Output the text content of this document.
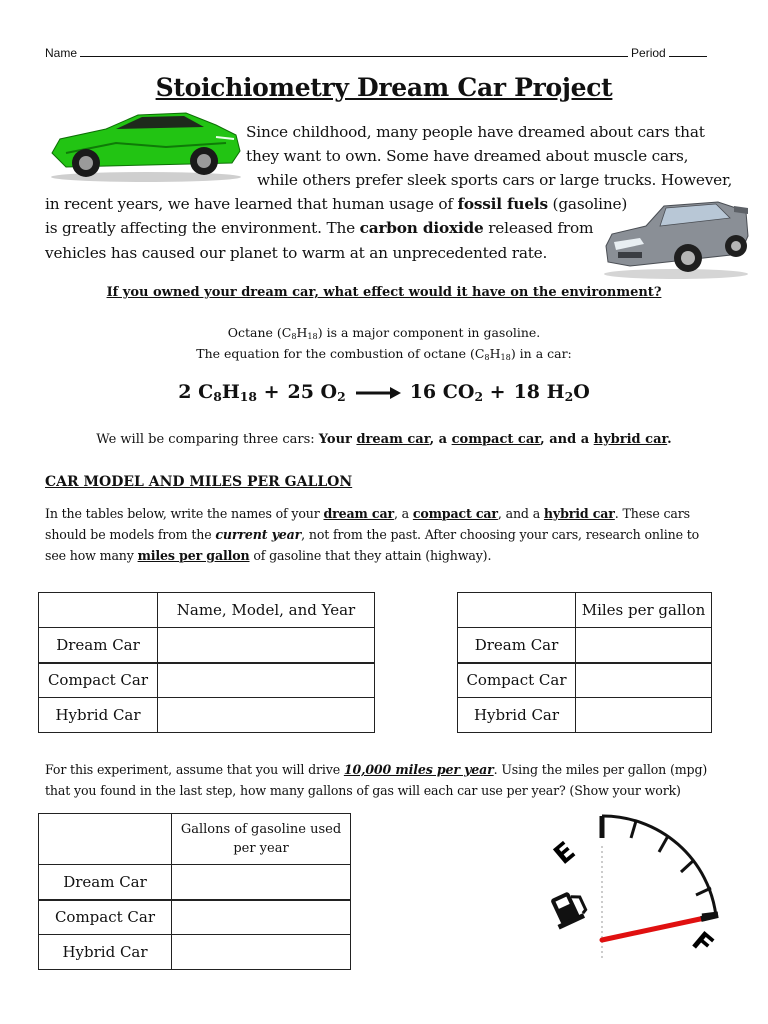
Name	Period
Stoichiometry Dream Car Project
Since childhood, many people have dreamed about cars that
they want to own. Some have dreamed about muscle cars,
while others prefer sleek sports cars or large trucks. However,
in recent years, we have learned that human usage of fossil fuels (gasoline)
is greatly affecting the environment. The carbon dioxide released from
vehicles has caused our planet to warm at an unprecedented rate.
If you owned your dream car, what effect would it have on the environment?
Octane $(C_8H_{18})$ is a major component in gasoline.
The equation for the combustion of octane $(C_8H_{18})$ in a car:
2 $C_8H_{18} + 25$ $O_2 \to 16$ $CO_2 + 18$ $H_2O$
We will be comparing three cars: Your dream car, a compact car, and a hybrid car.
CAR MODEL AND MILES PER GALLON
In the tables below, write the names of your dream car, a compact car, and a hybrid car. These cars
should be models from the current year, not from the past. After choosing your cars, research online to
see how many miles per gallon of gasoline that they attain (highway).
	Name, Model, and Year
Dream Car	
Compact Car	
Hybrid Car	
	Miles per gallon
Dream Car	
Compact Car	
Hybrid Car	
For this experiment, assume that you will drive 10,000 miles per year. Using the miles per gallon (mpg)
that you found in the last step, how many gallons of gas will each car use per year? (Show your work)
	Gallons of gasoline used per year
Dream Car	
Compact Car	
Hybrid Car	
E
F
